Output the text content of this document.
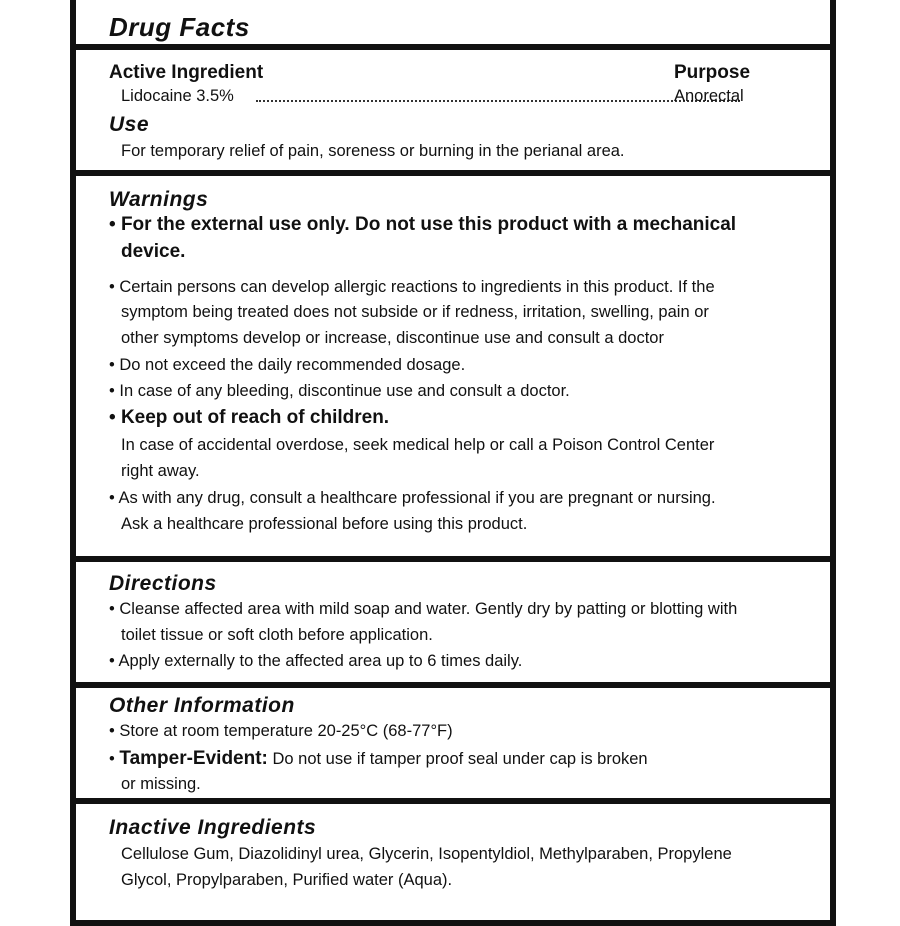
Drug Facts
Active Ingredient	Purpose
Lidocaine 3.5%	Anorectal
Use
For temporary relief of pain, soreness or burning in the perianal area.
Warnings
• For the external use only. Do not use this product with a mechanical
device.
• Certain persons can develop allergic reactions to ingredients in this product. If the
symptom being treated does not subside or if redness, irritation, swelling, pain or
other symptoms develop or increase, discontinue use and consult a doctor
• Do not exceed the daily recommended dosage.
• In case of any bleeding, discontinue use and consult a doctor.
• Keep out of reach of children.
In case of accidental overdose, seek medical help or call a Poison Control Center
right away.
• As with any drug, consult a healthcare professional if you are pregnant or nursing.
Ask a healthcare professional before using this product.
Directions
• Cleanse affected area with mild soap and water. Gently dry by patting or blotting with
toilet tissue or soft cloth before application.
• Apply externally to the affected area up to 6 times daily.
Other Information
• Store at room temperature 20-25°C (68-77°F)
• Tamper-Evident: Do not use if tamper proof seal under cap is broken
or missing.
Inactive Ingredients
Cellulose Gum, Diazolidinyl urea, Glycerin, Isopentyldiol, Methylparaben, Propylene
Glycol, Propylparaben, Purified water (Aqua).
